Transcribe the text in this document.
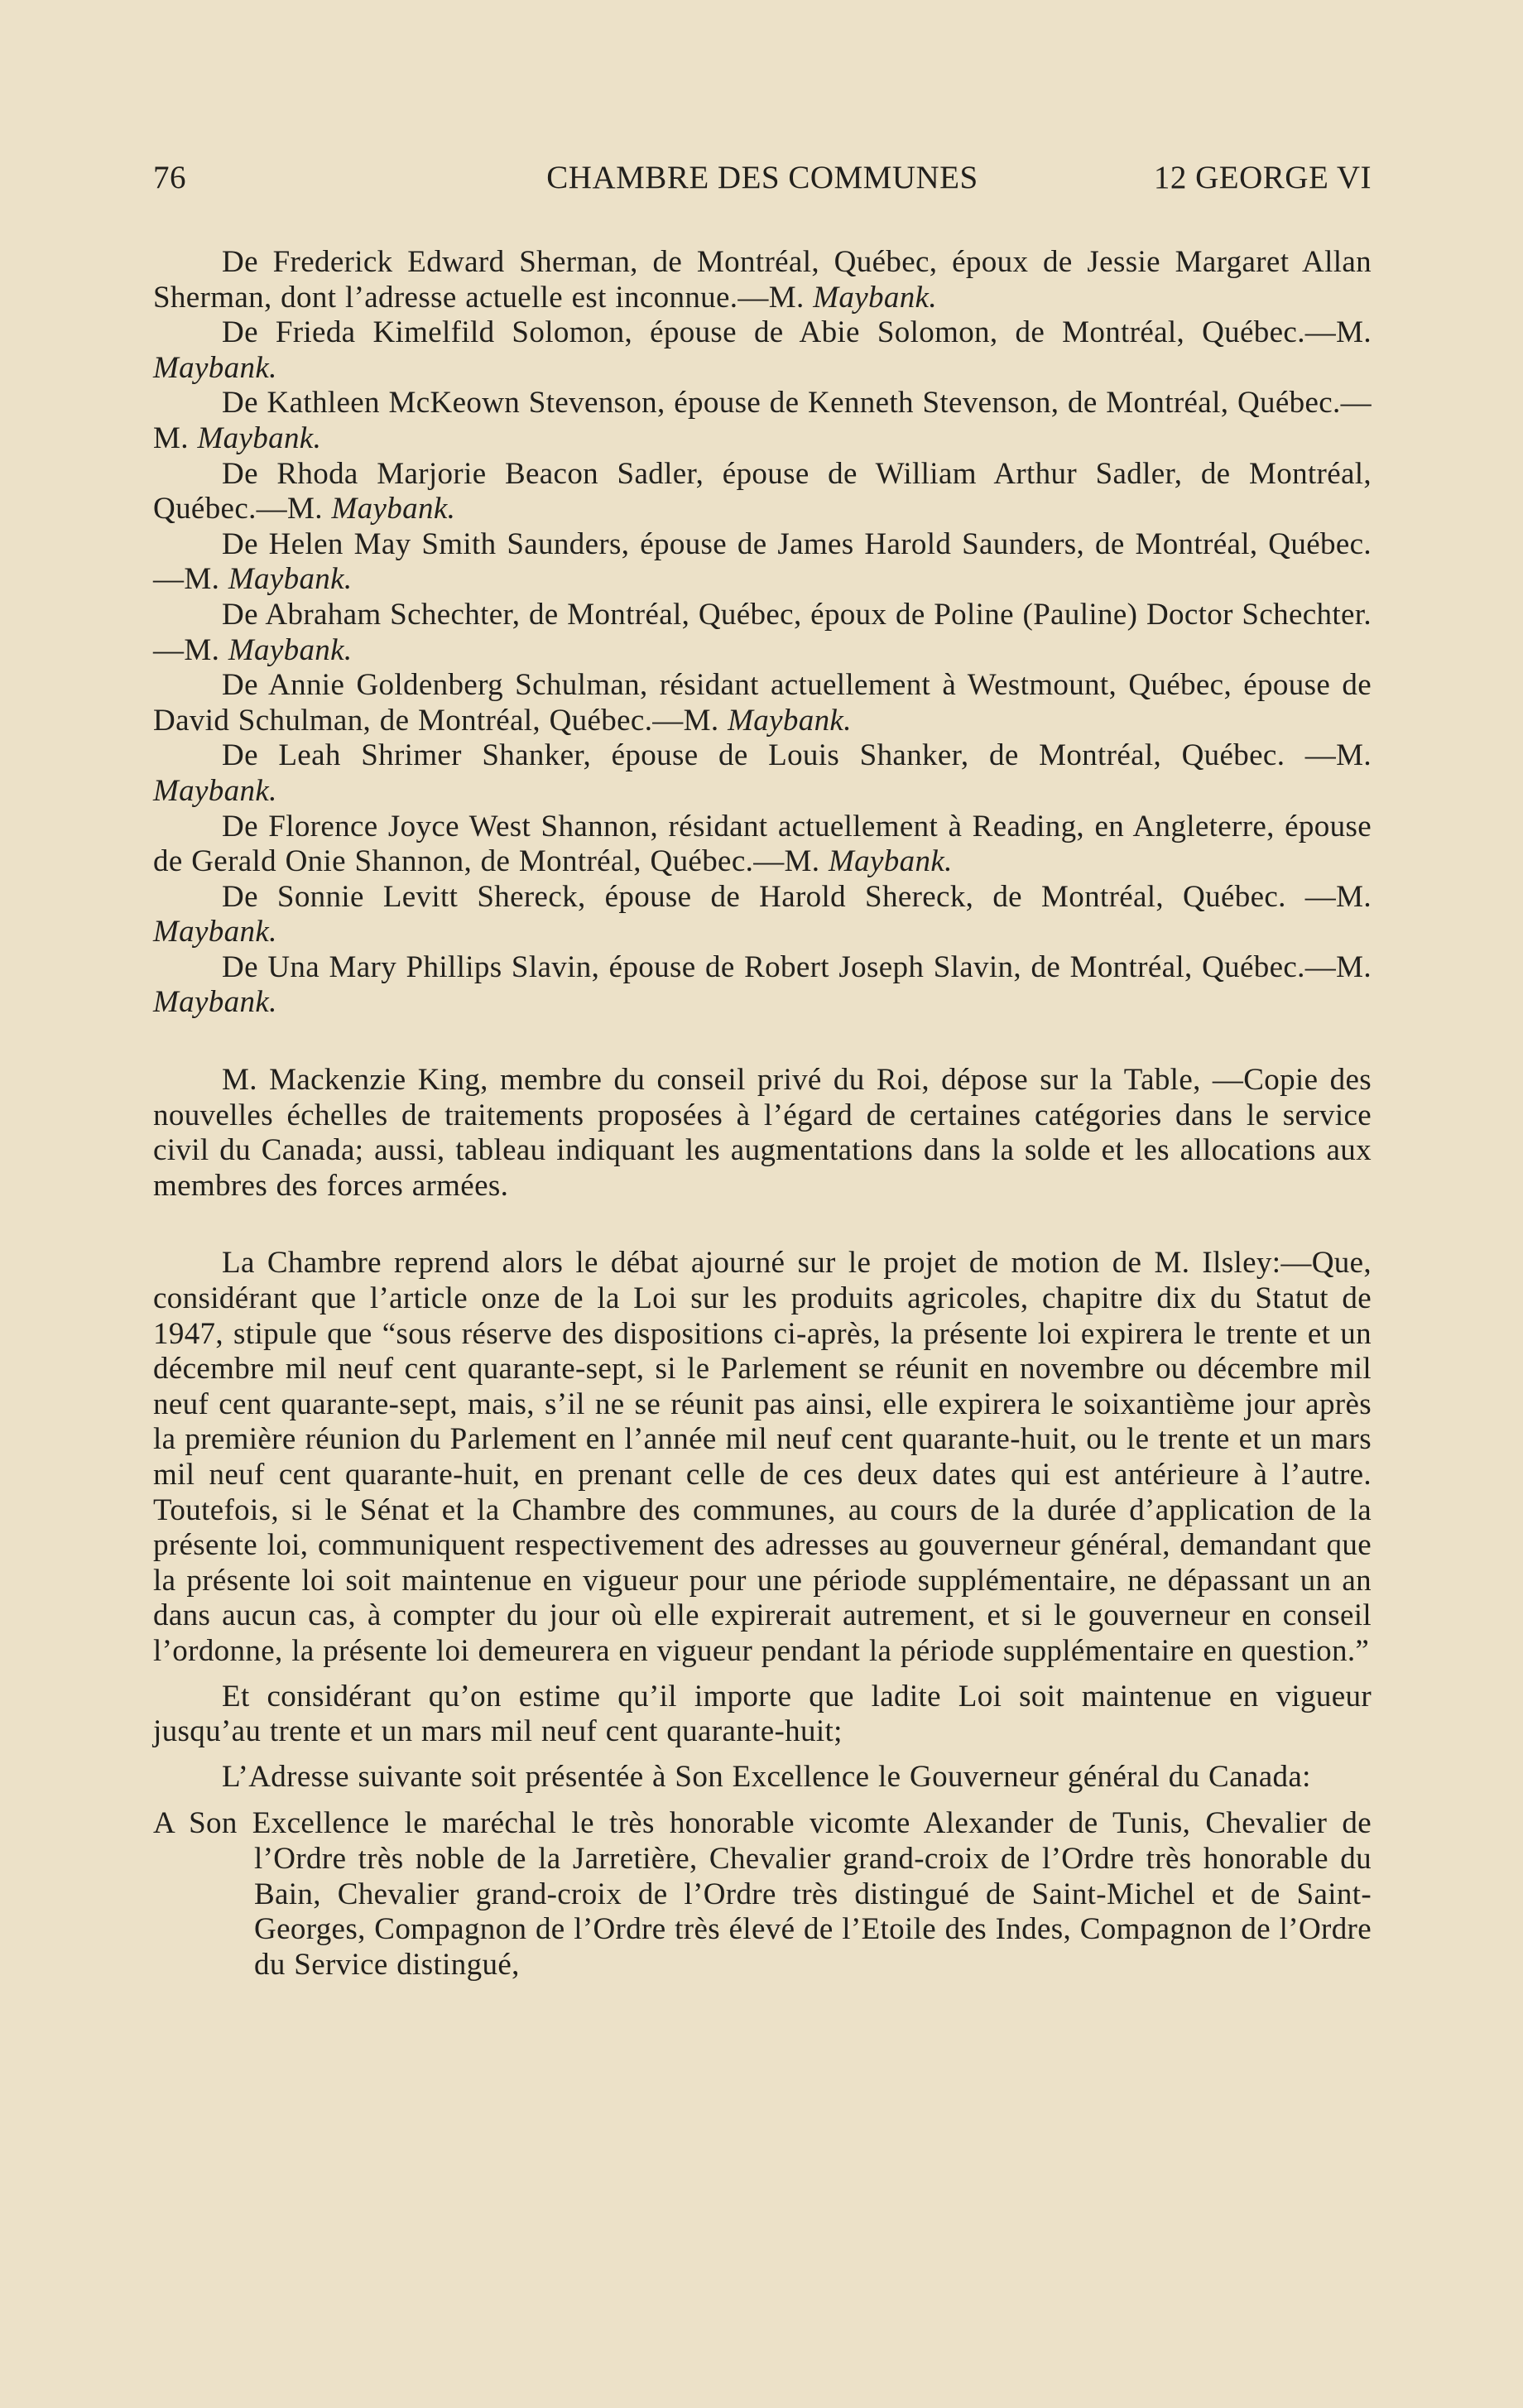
76	CHAMBRE DES COMMUNES	12 GEORGE VI

De Frederick Edward Sherman, de Montréal, Québec, époux de Jessie Margaret Allan Sherman, dont l’adresse actuelle est inconnue.—M. Maybank.

De Frieda Kimelfild Solomon, épouse de Abie Solomon, de Montréal, Québec.—M. Maybank.

De Kathleen McKeown Stevenson, épouse de Kenneth Stevenson, de Montréal, Québec.—M. Maybank.

De Rhoda Marjorie Beacon Sadler, épouse de William Arthur Sadler, de Montréal, Québec.—M. Maybank.

De Helen May Smith Saunders, épouse de James Harold Saunders, de Montréal, Québec.—M. Maybank.

De Abraham Schechter, de Montréal, Québec, époux de Poline (Pauline) Doctor Schechter.—M. Maybank.

De Annie Goldenberg Schulman, résidant actuellement à Westmount, Québec, épouse de David Schulman, de Montréal, Québec.—M. Maybank.

De Leah Shrimer Shanker, épouse de Louis Shanker, de Montréal, Québec. —M. Maybank.

De Florence Joyce West Shannon, résidant actuellement à Reading, en Angleterre, épouse de Gerald Onie Shannon, de Montréal, Québec.—M. Maybank.

De Sonnie Levitt Shereck, épouse de Harold Shereck, de Montréal, Québec. —M. Maybank.

De Una Mary Phillips Slavin, épouse de Robert Joseph Slavin, de Montréal, Québec.—M. Maybank.

M. Mackenzie King, membre du conseil privé du Roi, dépose sur la Table, —Copie des nouvelles échelles de traitements proposées à l’égard de certaines catégories dans le service civil du Canada; aussi, tableau indiquant les augmentations dans la solde et les allocations aux membres des forces armées.

La Chambre reprend alors le débat ajourné sur le projet de motion de M. Ilsley:—Que, considérant que l’article onze de la Loi sur les produits agricoles, chapitre dix du Statut de 1947, stipule que “sous réserve des dispositions ci-après, la présente loi expirera le trente et un décembre mil neuf cent quarante-sept, si le Parlement se réunit en novembre ou décembre mil neuf cent quarante-sept, mais, s’il ne se réunit pas ainsi, elle expirera le soixantième jour après la première réunion du Parlement en l’année mil neuf cent quarante-huit, ou le trente et un mars mil neuf cent quarante-huit, en prenant celle de ces deux dates qui est antérieure à l’autre. Toutefois, si le Sénat et la Chambre des communes, au cours de la durée d’application de la présente loi, communiquent respectivement des adresses au gouverneur général, demandant que la présente loi soit maintenue en vigueur pour une période supplémentaire, ne dépassant un an dans aucun cas, à compter du jour où elle expirerait autrement, et si le gouverneur en conseil l’ordonne, la présente loi demeurera en vigueur pendant la période supplémentaire en question.”

Et considérant qu’on estime qu’il importe que ladite Loi soit maintenue en vigueur jusqu’au trente et un mars mil neuf cent quarante-huit;

L’Adresse suivante soit présentée à Son Excellence le Gouverneur général du Canada:

A Son Excellence le maréchal le très honorable vicomte Alexander de Tunis, Chevalier de l’Ordre très noble de la Jarretière, Chevalier grand-croix de l’Ordre très honorable du Bain, Chevalier grand-croix de l’Ordre très distingué de Saint-Michel et de Saint-Georges, Compagnon de l’Ordre très élevé de l’Etoile des Indes, Compagnon de l’Ordre du Service distingué,
